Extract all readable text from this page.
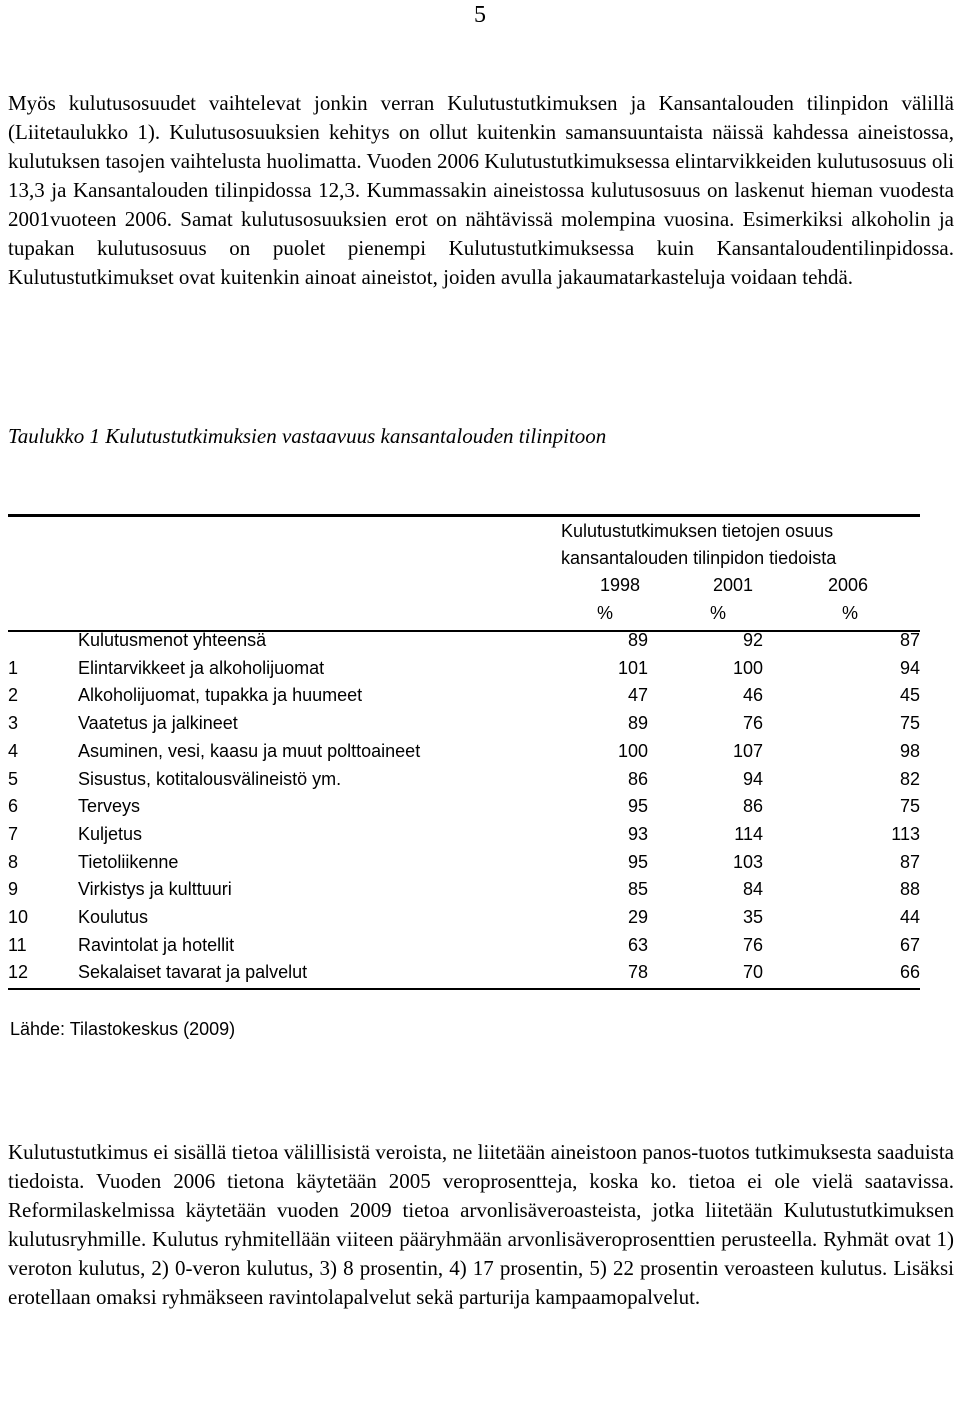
5

Myös kulutusosuudet vaihtelevat jonkin verran Kulutustutkimuksen ja Kansantalouden tilinpidon välillä (Liitetaulukko 1). Kulutusosuuksien kehitys on ollut kuitenkin samansuuntaista näissä kahdessa aineistossa, kulutuksen tasojen vaihtelusta huolimatta. Vuoden 2006 Kulutustutkimuksessa elintarvikkeiden kulutusosuus oli 13,3 ja Kansantalouden tilinpidossa 12,3. Kummassakin aineistossa kulutusosuus on laskenut hieman vuodesta 2001vuoteen 2006. Samat kulutusosuuksien erot on nähtävissä molempina vuosina. Esimerkiksi alkoholin ja tupakan kulutusosuus on puolet pienempi Kulutustutkimuksessa kuin Kansantaloudentilinpidossa. Kulutustutkimukset ovat kuitenkin ainoat aineistot, joiden avulla jakaumatarkasteluja voidaan tehdä.

Taulukko 1 Kulutustutkimuksien vastaavuus kansantalouden tilinpitoon

Kulutustutkimuksen tietojen osuus
kansantalouden tilinpidon tiedoista
1998	2001	2006
%	%	%
	Kulutusmenot yhteensä	89	92	87
1	Elintarvikkeet ja alkoholijuomat	101	100	94
2	Alkoholijuomat, tupakka ja huumeet	47	46	45
3	Vaatetus ja jalkineet	89	76	75
4	Asuminen, vesi, kaasu ja muut polttoaineet	100	107	98
5	Sisustus, kotitalousvälineistö ym.	86	94	82
6	Terveys	95	86	75
7	Kuljetus	93	114	113
8	Tietoliikenne	95	103	87
9	Virkistys ja kulttuuri	85	84	88
10	Koulutus	29	35	44
11	Ravintolat ja hotellit	63	76	67
12	Sekalaiset tavarat ja palvelut	78	70	66
Lähde: Tilastokeskus (2009)

Kulutustutkimus ei sisällä tietoa välillisistä veroista, ne liitetään aineistoon panos-tuotos tutkimuksesta saaduista tiedoista. Vuoden 2006 tietona käytetään 2005 veroprosentteja, koska ko. tietoa ei ole vielä saatavissa. Reformilaskelmissa käytetään vuoden 2009 tietoa arvonlisäveroasteista, jotka liitetään Kulutustutkimuksen kulutusryhmille. Kulutus ryhmitellään viiteen pääryhmään arvonlisäveroprosenttien perusteella. Ryhmät ovat 1) veroton kulutus, 2) 0-veron kulutus, 3) 8 prosentin, 4) 17 prosentin, 5) 22 prosentin veroasteen kulutus. Lisäksi erotellaan omaksi ryhmäkseen ravintolapalvelut sekä parturija kampaamopalvelut.
